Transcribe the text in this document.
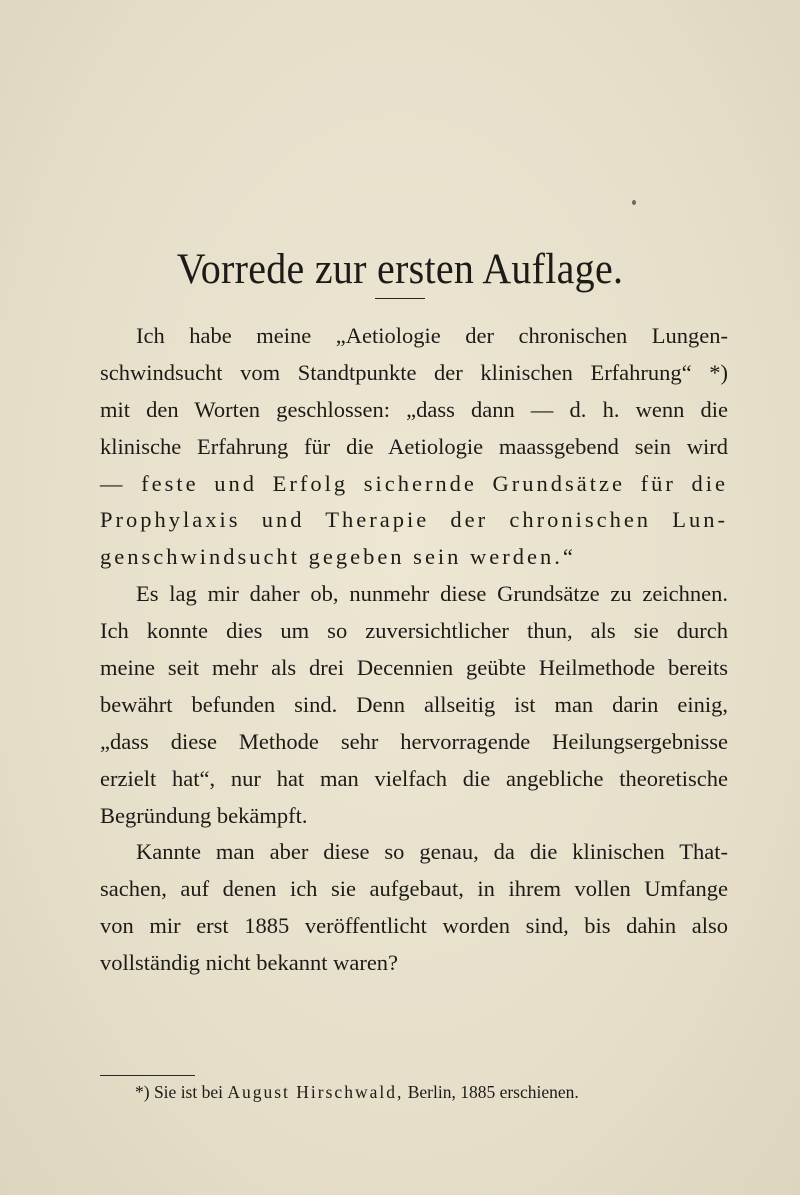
Vorrede zur ersten Auflage.
Ich habe meine „Aetiologie der chronischen Lungen-
schwindsucht vom Standtpunkte der klinischen Erfahrung“ *)
mit den Worten geschlossen: „dass dann — d. h. wenn die
klinische Erfahrung für die Aetiologie maassgebend sein wird
— feste und Erfolg sichernde Grundsätze für die
Prophylaxis und Therapie der chronischen Lun-
genschwindsucht gegeben sein werden.“
Es lag mir daher ob, nunmehr diese Grundsätze zu zeichnen.
Ich konnte dies um so zuversichtlicher thun, als sie durch
meine seit mehr als drei Decennien geübte Heilmethode bereits
bewährt befunden sind. Denn allseitig ist man darin einig,
„dass diese Methode sehr hervorragende Heilungsergebnisse
erzielt hat“, nur hat man vielfach die angebliche theoretische
Begründung bekämpft.
Kannte man aber diese so genau, da die klinischen That-
sachen, auf denen ich sie aufgebaut, in ihrem vollen Umfange
von mir erst 1885 veröffentlicht worden sind, bis dahin also
vollständig nicht bekannt waren?
*) Sie ist bei August Hirschwald, Berlin, 1885 erschienen.
